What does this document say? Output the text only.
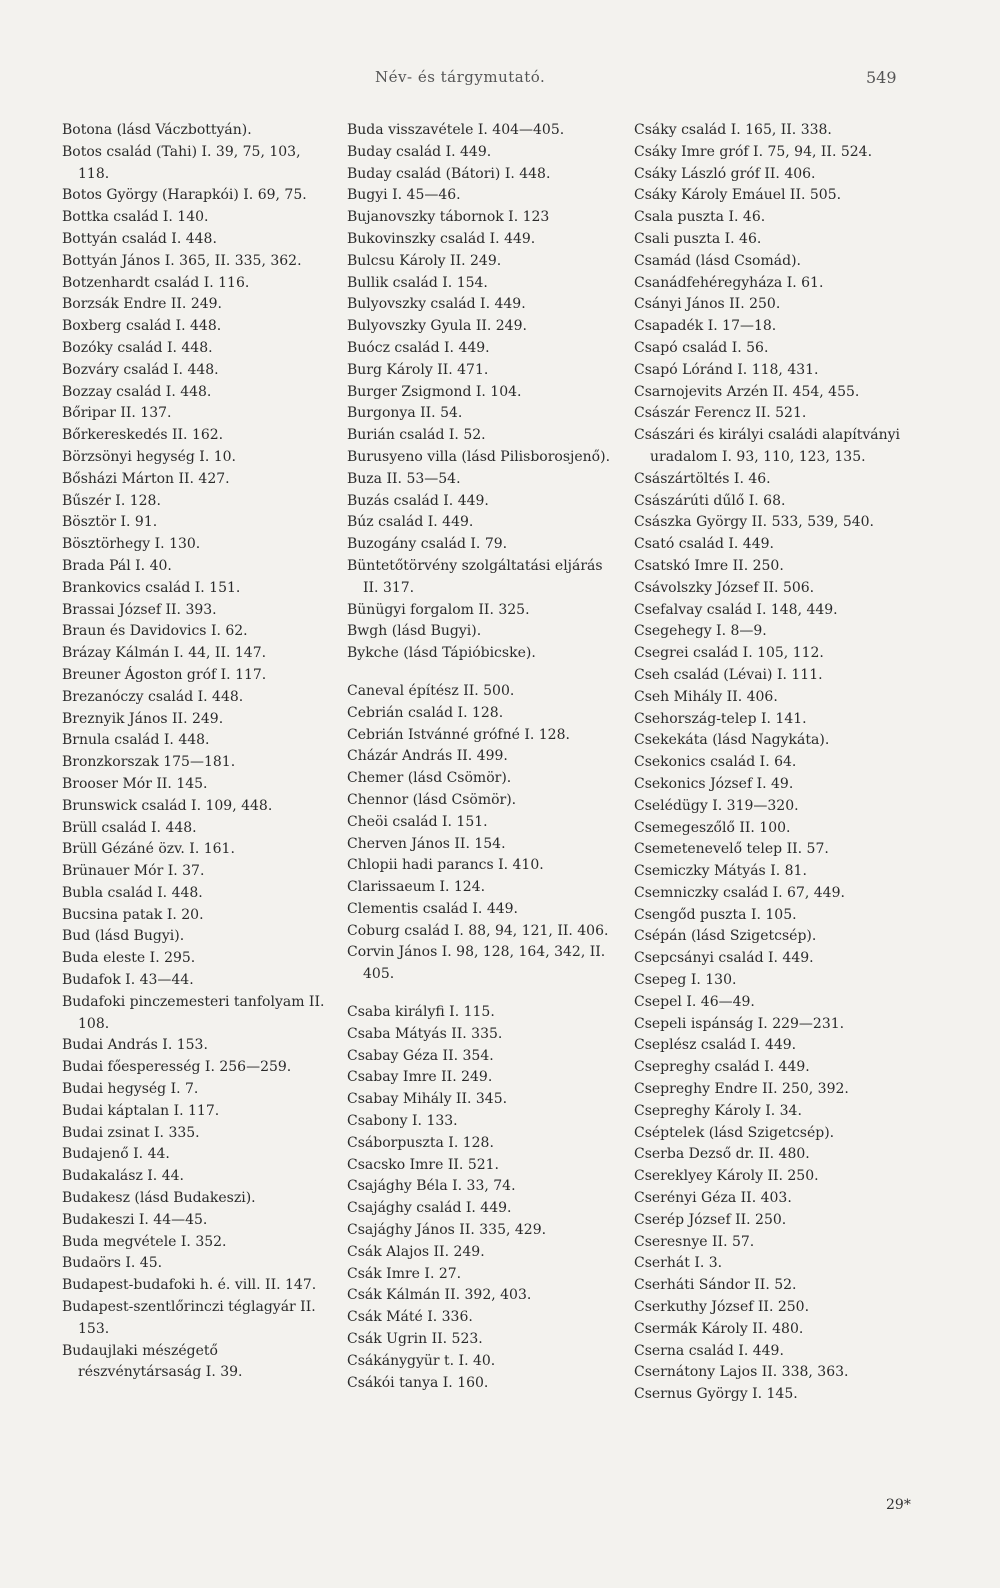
Név- és tárgymutató.	549

Botona (lásd Váczbottyán).

Botos család (Tahi) I. 39, 75, 103, 118.

Botos György (Harapkói) I. 69, 75.

Bottka család I. 140.

Bottyán család I. 448.

Bottyán János I. 365, II. 335, 362.

Botzenhardt család I. 116.

Borzsák Endre II. 249.

Boxberg család I. 448.

Bozóky család I. 448.

Bozváry család I. 448.

Bozzay család I. 448.

Bőripar II. 137.

Bőrkereskedés II. 162.

Börzsönyi hegység I. 10.

Bősházi Márton II. 427.

Bűszér I. 128.

Bösztör I. 91.

Bösztörhegy I. 130.

Brada Pál I. 40.

Brankovics család I. 151.

Brassai József II. 393.

Braun és Davidovics I. 62.

Brázay Kálmán I. 44, II. 147.

Breuner Ágoston gróf I. 117.

Brezanóczy család I. 448.

Breznyik János II. 249.

Brnula család I. 448.

Bronzkorszak 175—181.

Brooser Mór II. 145.

Brunswick család I. 109, 448.

Brüll család I. 448.

Brüll Gézáné özv. I. 161.

Brünauer Mór I. 37.

Bubla család I. 448.

Bucsina patak I. 20.

Bud (lásd Bugyi).

Buda eleste I. 295.

Budafok I. 43—44.

Budafoki pinczemesteri tanfolyam II. 108.

Budai András I. 153.

Budai főesperesség I. 256—259.

Budai hegység I. 7.

Budai káptalan I. 117.

Budai zsinat I. 335.

Budajenő I. 44.

Budakalász I. 44.

Budakesz (lásd Budakeszi).

Budakeszi I. 44—45.

Buda megvétele I. 352.

Budaörs I. 45.

Budapest-budafoki h. é. vill. II. 147.

Budapest-szentlőrinczi téglagyár II. 153.

Budaujlaki mészégető részvénytársaság I. 39.

Buda visszavétele I. 404—405.

Buday család I. 449.

Buday család (Bátori) I. 448.

Bugyi I. 45—46.

Bujanovszky tábornok I. 123

Bukovinszky család I. 449.

Bulcsu Károly II. 249.

Bullik család I. 154.

Bulyovszky család I. 449.

Bulyovszky Gyula II. 249.

Buócz család I. 449.

Burg Károly II. 471.

Burger Zsigmond I. 104.

Burgonya II. 54.

Burián család I. 52.

Burusyeno villa (lásd Pilisborosjenő).

Buza II. 53—54.

Buzás család I. 449.

Búz család I. 449.

Buzogány család I. 79.

Büntetőtörvény szolgáltatási eljárás II. 317.

Bünügyi forgalom II. 325.

Bwgh (lásd Bugyi).

Bykche (lásd Tápióbicske).

Caneval építész II. 500.

Cebrián család I. 128.

Cebrián Istvánné grófné I. 128.

Cházár András II. 499.

Chemer (lásd Csömör).

Chennor (lásd Csömör).

Cheöi család I. 151.

Cherven János II. 154.

Chlopii hadi parancs I. 410.

Clarissaeum I. 124.

Clementis család I. 449.

Coburg család I. 88, 94, 121, II. 406.

Corvin János I. 98, 128, 164, 342, II. 405.

Csaba királyfi I. 115.

Csaba Mátyás II. 335.

Csabay Géza II. 354.

Csabay Imre II. 249.

Csabay Mihály II. 345.

Csabony I. 133.

Csáborpuszta I. 128.

Csacsko Imre II. 521.

Csajághy Béla I. 33, 74.

Csajághy család I. 449.

Csajághy János II. 335, 429.

Csák Alajos II. 249.

Csák Imre I. 27.

Csák Kálmán II. 392, 403.

Csák Máté I. 336.

Csák Ugrin II. 523.

Csákánygyür t. I. 40.

Csákói tanya I. 160.

Csáky család I. 165, II. 338.

Csáky Imre gróf I. 75, 94, II. 524.

Csáky László gróf II. 406.

Csáky Károly Emáuel II. 505.

Csala puszta I. 46.

Csali puszta I. 46.

Csamád (lásd Csomád).

Csanádfehéregyháza I. 61.

Csányi János II. 250.

Csapadék I. 17—18.

Csapó család I. 56.

Csapó Lóránd I. 118, 431.

Csarnojevits Arzén II. 454, 455.

Császár Ferencz II. 521.

Császári és királyi családi alapítványi uradalom I. 93, 110, 123, 135.

Császártöltés I. 46.

Császárúti dűlő I. 68.

Császka György II. 533, 539, 540.

Csató család I. 449.

Csatskó Imre II. 250.

Csávolszky József II. 506.

Csefalvay család I. 148, 449.

Csegehegy I. 8—9.

Csegrei család I. 105, 112.

Cseh család (Lévai) I. 111.

Cseh Mihály II. 406.

Csehország-telep I. 141.

Csekekáta (lásd Nagykáta).

Csekonics család I. 64.

Csekonics József I. 49.

Cselédügy I. 319—320.

Csemegeszőlő II. 100.

Csemetenevelő telep II. 57.

Csemiczky Mátyás I. 81.

Csemniczky család I. 67, 449.

Csengőd puszta I. 105.

Csépán (lásd Szigetcsép).

Csepcsányi család I. 449.

Csepeg I. 130.

Csepel I. 46—49.

Csepeli ispánság I. 229—231.

Cseplész család I. 449.

Csepreghy család I. 449.

Csepreghy Endre II. 250, 392.

Csepreghy Károly I. 34.

Cséptelek (lásd Szigetcsép).

Cserba Dezső dr. II. 480.

Csereklyey Károly II. 250.

Cserényi Géza II. 403.

Cserép József II. 250.

Cseresnye II. 57.

Cserhát I. 3.

Cserháti Sándor II. 52.

Cserkuthy József II. 250.

Csermák Károly II. 480.

Cserna család I. 449.

Csernátony Lajos II. 338, 363.

Csernus György I. 145.

29*
